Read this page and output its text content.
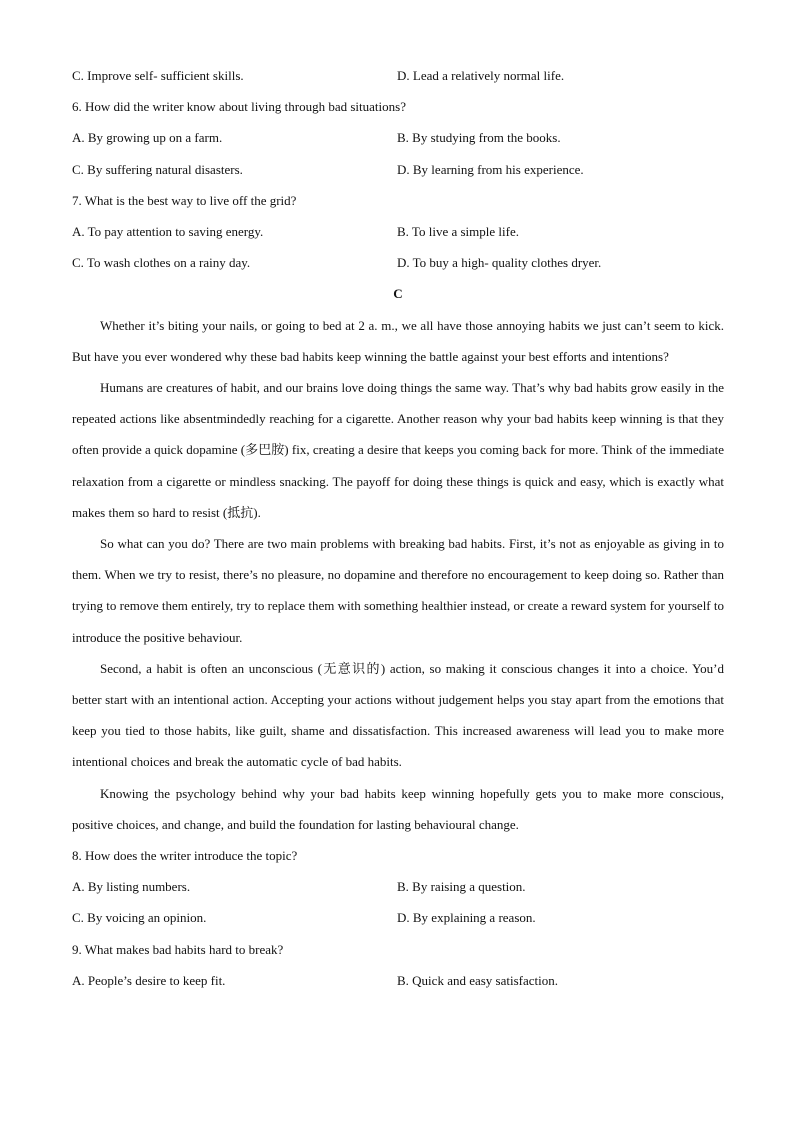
C. Improve self- sufficient skills.	D. Lead a relatively normal life.
6. How did the writer know about living through bad situations?
A. By growing up on a farm.	B. By studying from the books.
C. By suffering natural disasters.	D. By learning from his experience.
7. What is the best way to live off the grid?
A. To pay attention to saving energy.	B. To live a simple life.
C. To wash clothes on a rainy day.	D. To buy a high- quality clothes dryer.
C

Whether it’s biting your nails, or going to bed at 2 a. m., we all have those annoying habits we just can’t seem to kick. But have you ever wondered why these bad habits keep winning the battle against your best efforts and intentions?

Humans are creatures of habit, and our brains love doing things the same way. That’s why bad habits grow easily in the repeated actions like absentmindedly reaching for a cigarette. Another reason why your bad habits keep winning is that they often provide a quick dopamine (多巴胺) fix, creating a desire that keeps you coming back for more. Think of the immediate relaxation from a cigarette or mindless snacking. The payoff for doing these things is quick and easy, which is exactly what makes them so hard to resist (抵抗).

So what can you do? There are two main problems with breaking bad habits. First, it’s not as enjoyable as giving in to them. When we try to resist, there’s no pleasure, no dopamine and therefore no encouragement to keep doing so. Rather than trying to remove them entirely, try to replace them with something healthier instead, or create a reward system for yourself to introduce the positive behaviour.

Second, a habit is often an unconscious (无意识的) action, so making it conscious changes it into a choice. You’d better start with an intentional action. Accepting your actions without judgement helps you stay apart from the emotions that keep you tied to those habits, like guilt, shame and dissatisfaction. This increased awareness will lead you to make more intentional choices and break the automatic cycle of bad habits.

Knowing the psychology behind why your bad habits keep winning hopefully gets you to make more conscious, positive choices, and change, and build the foundation for lasting behavioural change.

8. How does the writer introduce the topic?
A. By listing numbers.	B. By raising a question.
C. By voicing an opinion.	D. By explaining a reason.
9. What makes bad habits hard to break?
A. People’s desire to keep fit.	B. Quick and easy satisfaction.
